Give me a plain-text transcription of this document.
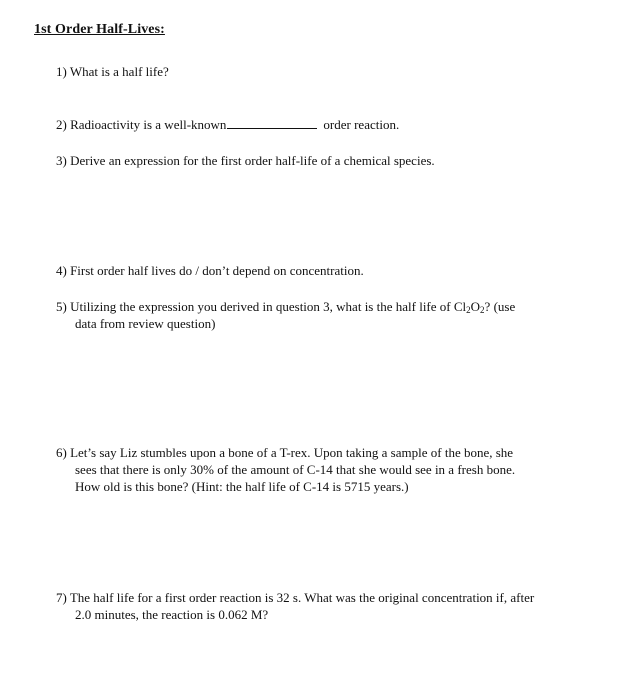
1st Order Half-Lives:
1) What is a half life?
2) Radioactivity is a well-known	order reaction.
3) Derive an expression for the first order half-life of a chemical species.
4) First order half lives do / don’t depend on concentration.
5) Utilizing the expression you derived in question 3, what is the half life of $Cl_2O_2$? (use
data from review question)
6) Let’s say Liz stumbles upon a bone of a T-rex. Upon taking a sample of the bone, she
sees that there is only 30% of the amount of C-14 that she would see in a fresh bone.
How old is this bone? (Hint: the half life of C-14 is 5715 years.)
7) The half life for a first order reaction is 32 s. What was the original concentration if, after
2.0 minutes, the reaction is 0.062 M?
